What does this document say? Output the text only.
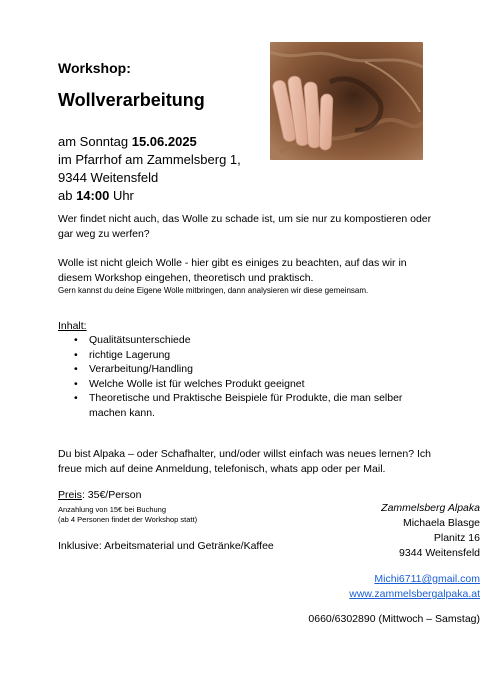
Workshop:
Wollverarbeitung
am Sonntag 15.06.2025
im Pfarrhof am Zammelsberg 1,
9344 Weitensfeld
ab 14:00 Uhr
Wer findet nicht auch, das Wolle zu schade ist, um sie nur zu kompostieren oder gar weg zu werfen?
Wolle ist nicht gleich Wolle - hier gibt es einiges zu beachten, auf das wir in diesem Workshop eingehen, theoretisch und praktisch.
Gern kannst du deine Eigene Wolle mitbringen, dann analysieren wir diese gemeinsam.
Inhalt:
• Qualitätsunterschiede
• richtige Lagerung
• Verarbeitung/Handling
• Welche Wolle ist für welches Produkt geeignet
• Theoretische und Praktische Beispiele für Produkte, die man selber machen kann.
Du bist Alpaka – oder Schafhalter, und/oder willst einfach was neues lernen? Ich freue mich auf deine Anmeldung, telefonisch, whats app oder per Mail.
Preis: 35€/Person
Anzahlung von 15€ bei Buchung
(ab 4 Personen findet der Workshop statt)
Inklusive: Arbeitsmaterial und Getränke/Kaffee
Zammelsberg Alpaka
Michaela Blasge
Planitz 16
9344 Weitensfeld
Michi6711@gmail.com
www.zammelsbergalpaka.at
0660/6302890 (Mittwoch – Samstag)
